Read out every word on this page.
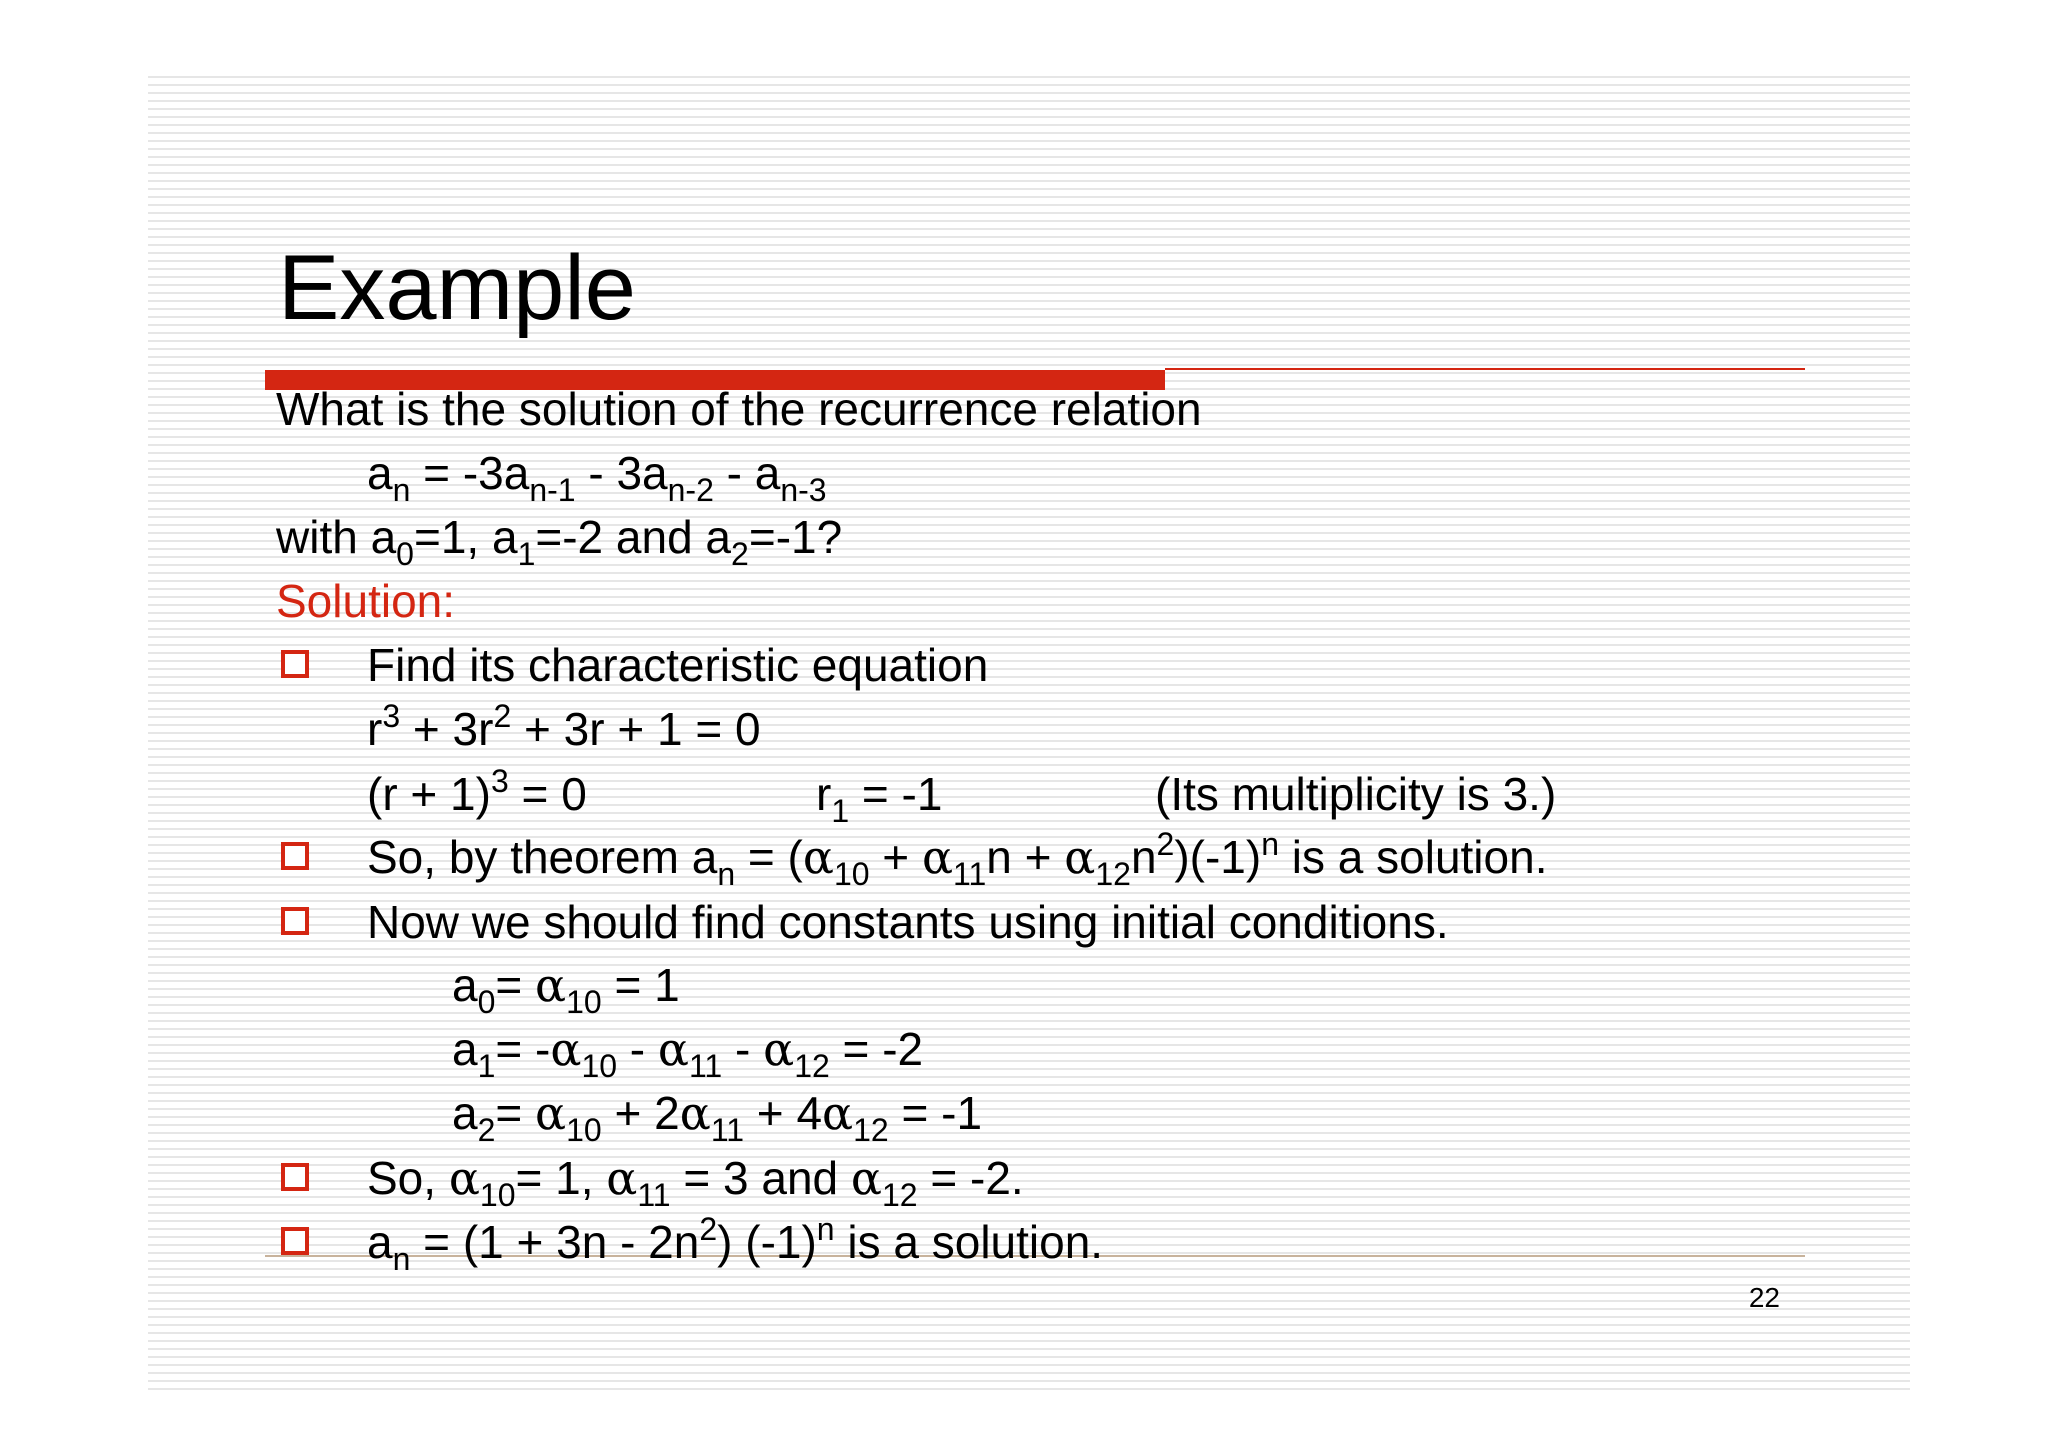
Example
What is the solution of the recurrence relation
$a_n = -3a_{n-1} - 3a_{n-2} - a_{n-3}$
with $a_0=1$, $a_1=-2$ and $a_2=-1$?
Solution:
Find its characteristic equation
$r^3 + 3r^2 + 3r + 1 = 0$
$(r + 1)^3 = 0$	$r_1 = -1$	(Its multiplicity is 3.)
So, by theorem $a_n = (\alpha_{10} + \alpha_{11}n + \alpha_{12}n^2)(-1)^n$ is a solution.
Now we should find constants using initial conditions.
$a_0= \alpha_{10} = 1$
$a_1= -\alpha_{10} - \alpha_{11} - \alpha_{12} = -2$
$a_2= \alpha_{10} + 2\alpha_{11} + 4\alpha_{12} = -1$
So, $\alpha_{10}= 1$, $\alpha_{11} = 3$ and $\alpha_{12} = -2$.
$a_n = (1 + 3n - 2n^2)$ $(-1)^n$ is a solution.
22
